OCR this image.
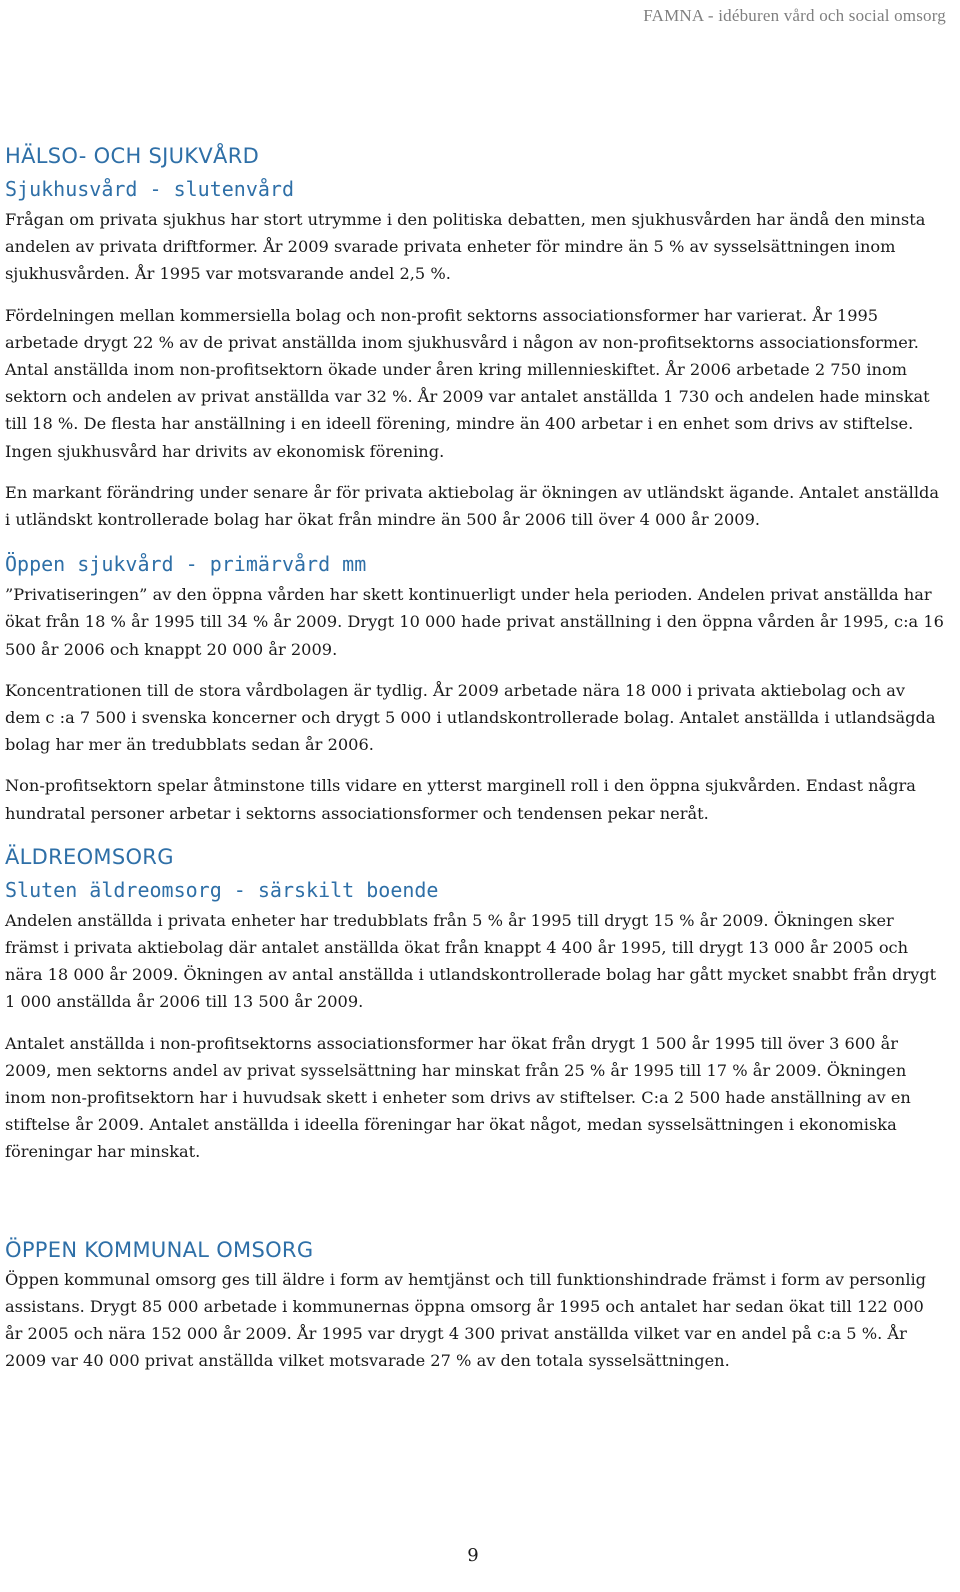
FAMNA - idéburen vård och social omsorg
HÄLSO- OCH SJUKVÅRD
Sjukhusvård - slutenvård

Frågan om privata sjukhus har stort utrymme i den politiska debatten, men sjukhusvården har ändå den minsta andelen av privata driftformer. År 2009 svarade privata enheter för mindre än 5 % av sysselsättningen inom sjukhusvården. År 1995 var motsvarande andel 2,5 %.

Fördelningen mellan kommersiella bolag och non-profit sektorns associationsformer har varierat. År 1995 arbetade drygt 22 % av de privat anställda inom sjukhusvård i någon av non-profitsektorns associationsformer. Antal anställda inom non-profitsektorn ökade under åren kring millennieskiftet. År 2006 arbetade 2 750 inom sektorn och andelen av privat anställda var 32 %. År 2009 var antalet anställda 1 730 och andelen hade minskat till 18 %. De flesta har anställning i en ideell förening, mindre än 400 arbetar i en enhet som drivs av stiftelse. Ingen sjukhusvård har drivits av ekonomisk förening.

En markant förändring under senare år för privata aktiebolag är ökningen av utländskt ägande. Antalet anställda i utländskt kontrollerade bolag har ökat från mindre än 500 år 2006 till över 4 000 år 2009.

Öppen sjukvård - primärvård mm

”Privatiseringen” av den öppna vården har skett kontinuerligt under hela perioden. Andelen privat anställda har ökat från 18 % år 1995 till 34 % år 2009. Drygt 10 000 hade privat anställning i den öppna vården år 1995, c:a 16 500 år 2006 och knappt 20 000 år 2009.

Koncentrationen till de stora vårdbolagen är tydlig. År 2009 arbetade nära 18 000 i privata aktiebolag och av dem c :a 7 500 i svenska koncerner och drygt 5 000 i utlandskontrollerade bolag. Antalet anställda i utlandsägda bolag har mer än tredubblats sedan år 2006.

Non-profitsektorn spelar åtminstone tills vidare en ytterst marginell roll i den öppna sjukvården. Endast några hundratal personer arbetar i sektorns associationsformer och tendensen pekar neråt.

ÄLDREOMSORG
Sluten äldreomsorg - särskilt boende

Andelen anställda i privata enheter har tredubblats från 5 % år 1995 till drygt 15 % år 2009. Ökningen sker främst i privata aktiebolag där antalet anställda ökat från knappt 4 400 år 1995, till drygt 13 000 år 2005 och nära 18 000 år 2009. Ökningen av antal anställda i utlandskontrollerade bolag har gått mycket snabbt från drygt 1 000 anställda år 2006 till 13 500 år 2009.

Antalet anställda i non-profitsektorns associationsformer har ökat från drygt 1 500 år 1995 till över 3 600 år 2009, men sektorns andel av privat sysselsättning har minskat från 25 % år 1995 till 17 % år 2009. Ökningen inom non-profitsektorn har i huvudsak skett i enheter som drivs av stiftelser. C:a 2 500 hade anställning av en stiftelse år 2009. Antalet anställda i ideella föreningar har ökat något, medan sysselsättningen i ekonomiska föreningar har minskat.

ÖPPEN KOMMUNAL OMSORG

Öppen kommunal omsorg ges till äldre i form av hemtjänst och till funktionshindrade främst i form av personlig assistans. Drygt 85 000 arbetade i kommunernas öppna omsorg år 1995 och antalet har sedan ökat till 122 000 år 2005 och nära 152 000 år 2009. År 1995 var drygt 4 300 privat anställda vilket var en andel på c:a 5 %. År 2009 var 40 000 privat anställda vilket motsvarade 27 % av den totala sysselsättningen.

9
